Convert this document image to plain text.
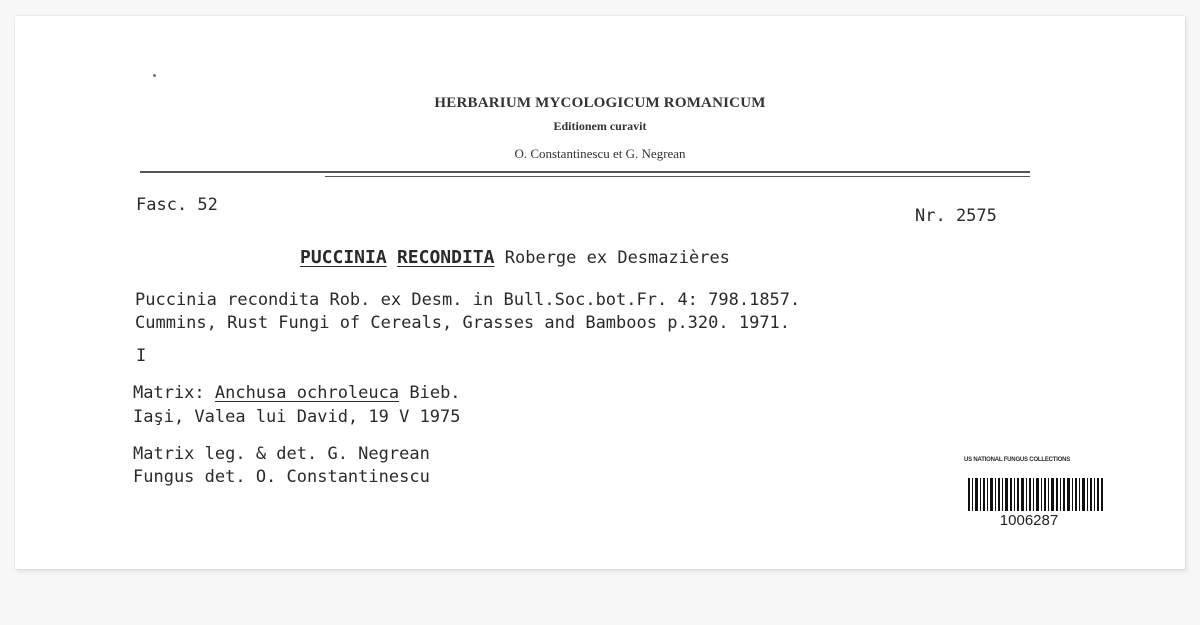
HERBARIUM MYCOLOGICUM ROMANICUM
Editionem curavit
O. Constantinescu et G. Negrean
Fasc. 52
Nr. 2575
PUCCINIA RECONDITA Roberge ex Desmazières
Puccinia recondita Rob. ex Desm. in Bull.Soc.bot.Fr. 4: 798.1857.
Cummins, Rust Fungi of Cereals, Grasses and Bamboos p.320. 1971.
I
Matrix: Anchusa ochroleuca Bieb.
Iaşi, Valea lui David, 19 V 1975
Matrix leg. & det. G. Negrean
Fungus det. O. Constantinescu
US NATIONAL FUNGUS COLLECTIONS
1006287
